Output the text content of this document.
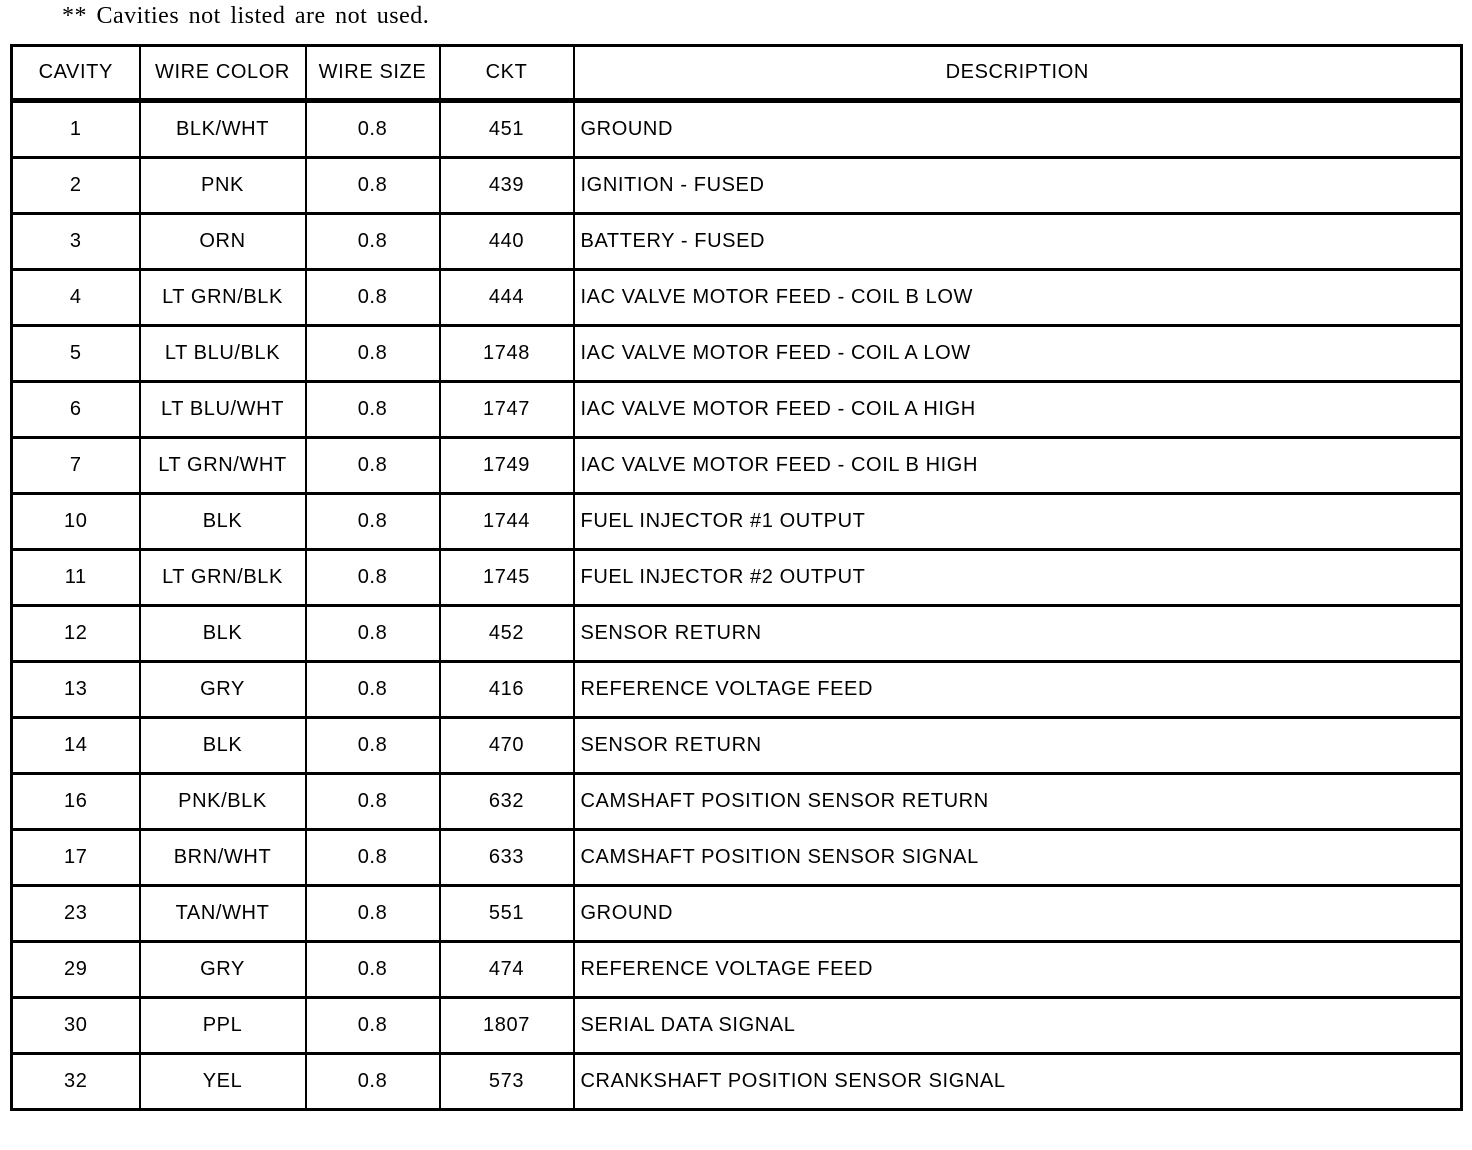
** Cavities not listed are not used.
CAVITY	WIRE COLOR	WIRE SIZE	CKT	DESCRIPTION
1	BLK/WHT	0.8	451	GROUND
2	PNK	0.8	439	IGNITION - FUSED
3	ORN	0.8	440	BATTERY - FUSED
4	LT GRN/BLK	0.8	444	IAC VALVE MOTOR FEED - COIL B LOW
5	LT BLU/BLK	0.8	1748	IAC VALVE MOTOR FEED - COIL A LOW
6	LT BLU/WHT	0.8	1747	IAC VALVE MOTOR FEED - COIL A HIGH
7	LT GRN/WHT	0.8	1749	IAC VALVE MOTOR FEED - COIL B HIGH
10	BLK	0.8	1744	FUEL INJECTOR #1 OUTPUT
11	LT GRN/BLK	0.8	1745	FUEL INJECTOR #2 OUTPUT
12	BLK	0.8	452	SENSOR RETURN
13	GRY	0.8	416	REFERENCE VOLTAGE FEED
14	BLK	0.8	470	SENSOR RETURN
16	PNK/BLK	0.8	632	CAMSHAFT POSITION SENSOR RETURN
17	BRN/WHT	0.8	633	CAMSHAFT POSITION SENSOR SIGNAL
23	TAN/WHT	0.8	551	GROUND
29	GRY	0.8	474	REFERENCE VOLTAGE FEED
30	PPL	0.8	1807	SERIAL DATA SIGNAL
32	YEL	0.8	573	CRANKSHAFT POSITION SENSOR SIGNAL
